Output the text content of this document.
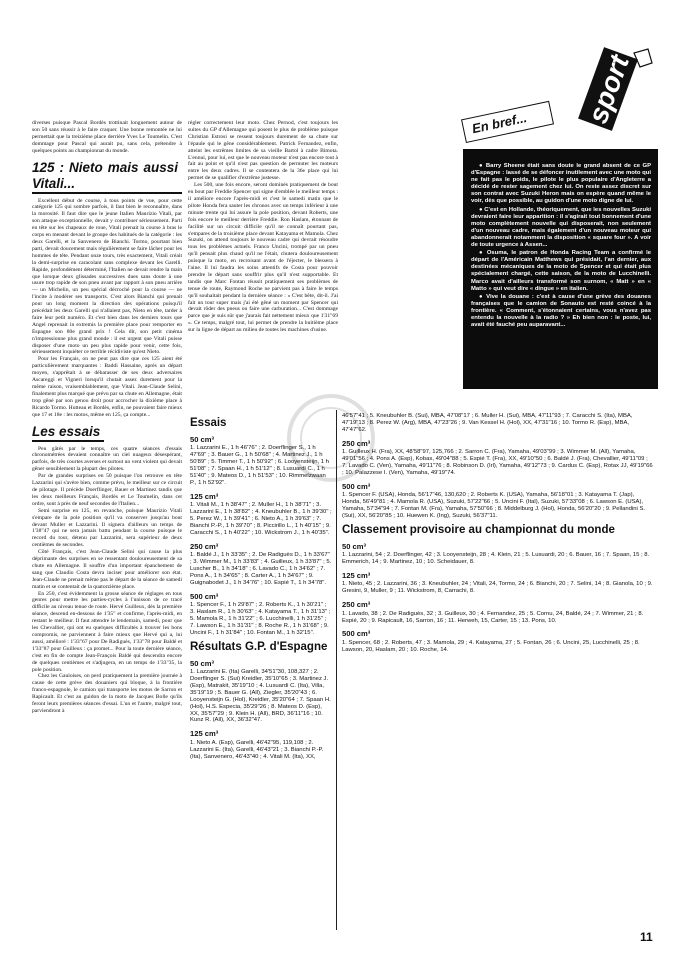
sport

diverses puisque Pascal Bordès trottinait longuement autour de son 50 sans réussir à le faire craquer. Une bonne remontée ne lui permettait que la treizième place derrière Yves Le Toumelin. C'est dommage pour Pascal qui aurait pu, sans cela, prétendre à quelques points au championnat du monde.

125 : Nieto mais aussi Vitali...

Excellent début de course, à tous points de vue, pour cette catégorie 125 qui sombre parfois, il faut bien le reconnaître, dans la morosité. Il faut dire que le jeune Italien Maurizio Vitali, par son attaque exceptionnelle, devait y contribuer sérieusement. Parti en tête sur les chapeaux de roue, Vitali prenait la course à bras le corps en menant devant le groupe des habitués de la catégorie : les deux Garelli, et la Sanvenero de Bianchi. Tormo, pourtant bien parti, devait doucement mais régulièrement se faire lâcher pour les hommes de tête. Pendant onze tours, très exactement, Vitali créait la demi-surprise en caracolant sans complexe devant les Garelli. Rapide, profondément déterminé, l'Italien ne devait rendre la main que lorsque deux glissades successives dues sans doute à une usure trop rapide de son pneu avant par rapport à son pneu arrière — un Michelin, un peu spécial décroché pour la course — ne l'incite à modérer ses transports. C'est alors Bianchi qui prenait pour un long moment la direction des opérations puisqu'il précédait les deux Garelli qui n'allaient pas, Nieto en tête, tarder à faire leur petit numéro. Et c'est bien dans les derniers tours que Angel reprenait in extremis la première place pour remporter en Espagne son 80e grand prix ! Cela dit, son petit cinéma n'impressionne plus grand monde : il est urgent que Vitali puisse disposer d'une moto un peu plus rapide pour venir, cette fois, sérieusement inquiéter ce terrible récidiviste qu'est Nieto.

Pour les Français, on ne peut pas dire que ces 125 aient été particulièrement marquantes : Baddi Hassaine, après un départ moyen, s'apprêtait à se débarasser de ses deux adversaires Ascareggi et Vigneri lorsqu'il chutait assez durement pour la même raison, vraisemblablement, que Vitali. Jean-Claude Selini, finalement plus marqué que prévu par sa chute en Allemagne, était trop gêné par son genou droit pour accrocher la dixième place à Ricardo Tormo. Hutteau et Bordès, enfin, ne pouvaient faire mieux que 17 et 18e : les motos, même en 125, ça compte...

Les essais

Peu gâtés par le temps, ces quatre séances d'essais chronométrées devaient connaître un ciel nuageux désespérant, parfois, de très courtes averses et surtout un vent violent qui devait gêner sensiblement la plupart des pilotes.

Par de grandes surprises en 50 puisque l'on retrouve en tête Lazzarini qui s'avère bien, comme prévu, le meilleur sur ce circuit de pilotage. Il précède Doerflinger, Bauer et Martinez tandis que les deux meilleurs Français, Bordès et Le Toumelin, dans cet ordre, sont à près de neuf secondes de l'Italien...

Semi surprise en 125, en revanche, puisque Maurizio Vitali s'empare de la pole position qu'il va conserver jusqu'au bout devant Muller et Lazzarini. Il signera d'ailleurs un temps de 1'38"47 qui ne sera jamais battu pendant la course puisque le record du tour, détenu par Lazzarini, sera supérieur de deux centièmes de secondes.

Côté Français, c'est Jean-Claude Selini qui cause la plus déprimante des surprises en se ressentant douloureusement de sa chute en Allemagne. Il souffre d'un important épanchement de sang que Claudio Costa devra inciser pour améliorer son état. Jean-Claude ne prenait même pas le départ de la séance de samedi matin et se contentait de la quatorzième place.

En 250, c'est évidemment la grosse séance de réglages en tous genres pour mettre les parties-cycles à l'unisson de ce tracé difficile au niveau tenue de route. Hervé Guilleux, dès la première séance, descend en-dessous de 1'35" et confirme, l'après-midi, en restant le meilleur. Il faut attendre le lendemain, samedi, pour que les Chevallier, qui ont eu quelques difficultés à trouver les bons compromis, ne parviennent à faire mieux que Hervé qui a, lui aussi, amélioré : 1'33"67 pour De Radiguès, 1'33"78 pour Baldé et 1'33"87 pour Guilleux : ça promet... Pour la toute dernière séance, c'est en fin de compte Jean-François Baldé qui descendra encore de quelques centièmes et s'adjugera, en un temps de 1'33"35, la pole position.

Chez les Gauloises, on perd pratiquement la première journée à cause de cette grève des douaniers qui bloque, à la frontière franco-espagnole, le camion qui transporte les motos de Sarron et Rapicault. Et c'est au guidon de la moto de Jacques Bolle qu'ils feront leurs premières séances d'essai. L'un et l'autre, malgré tout, parviendront à

régler correctement leur moto. Chez Pernod, c'est toujours les suites du GP d'Allemagne qui posent le plus de problème puisque Christian Estrosi se ressent toujours durement de sa chute sur l'épaule qui le gêne considérablement. Patrick Fernandez, enfin, atteint les extrêmes limites de sa vieille Bartol à cadre Bimota. L'ennui, pour lui, est que le nouveau moteur n'est pas encore tout à fait au point et qu'il n'est pas question de permuter les moteurs entre les deux cadres. Il se contentera de la 36e place qui lui permet de se qualifier d'extrême justesse.

Les 500, une fois encore, seront dominés pratiquement de bout en bout par Freddie Spencer qui signe d'emblée le meilleur temps : il améliore encore l'après-midi et c'est le samedi matin que le pilote Honda fera sauter les chronos avec un temps inférieur à une minute trente qui lui assure la pole position, devant Roberts, une fois encore le meilleur derrière Freddie. Ron Haslam, étonnant de facilité sur un circuit difficile qu'il ne connaît pourtant pas, s'empares de la troisième place devant Katayama et Mamola. Chez Suzuki, on attend toujours le nouveau cadre qui devrait résoudre tous les problèmes actuels. Franco Uncini, trompé par un pneu qu'il pensait plus chaud qu'il ne l'était, chutera douloureusement puisque la moto, en recroisant avant de l'éjecter, le blessera à l'aine. Il lui faudra les soins attentifs de Costa pour pouvoir prendre le départ sans souffrir plus qu'il n'est supportable. Et tandis que Marc Fontan réussit pratiquement ses problèmes de tenue de route, Raymond Roche ne parvient pas à faire le temps qu'il souhaitait pendant la dernière séance : « C'est bête, dit-il. J'ai fait un tour super mais j'ai été gêné un moment par Spencer qui devait rôder des pneus ou faire une carburation... C'est dommage parce que je suis sûr que j'aurais fait nettement mieux que 1'31"69 ». Ce temps, malgré tout, lui permet de prendre la huitième place sur la ligne de départ au milieu de toutes les machines d'usine.

● Barry Sheene était sans doute le grand absent de ce GP d'Espagne : lassé de se défoncer inutilement avec une moto qui ne fait pas le poids, le pilote le plus populaire d'Angleterre a décidé de rester sagement chez lui. On reste assez discret sur son contrat avec Suzuki Heron mais on espère quand même le voir, dès que possible, au guidon d'une moto digne de lui.

● C'est en Hollande, théoriquement, que les nouvelles Suzuki devraient faire leur apparition : il s'agirait tout bonnement d'une moto complètement nouvelle qui disposerait, non seulement d'un nouveau cadre, mais également d'un nouveau moteur qui abandonnerait notamment la disposition « square four ». A voir de toute urgence à Assen...

● Osuma, le patron de Honda Racing Team a confirmé le départ de l'Américain Matthews qui présidait, l'an dernier, aux destinées mécaniques de la moto de Spencer et qui était plus spécialement chargé, cette saison, de la moto de Lucchinelli. Marco avait d'ailleurs transformé son surnom, « Matt » en « Matto » qui veut dire « dingue » en italien.

● Vive la douane : c'est à cause d'une grève des douanes françaises que le camion de Sonauto est resté coincé à la frontière. « Comment, s'étonnaient certains, vous n'avez pas entendu la nouvelle à la radio ? » Eh bien non : le poste, lui, avait été fauché peu auparavant...

En bref...
Essais
50 cm³

1. Lazzarini E., 1 h 46'76" ; 2. Doerflinger S., 1 h 47'69" ; 3. Bauer G., 1 h 50'68" ; 4. Martinez J., 1 h 50'89" ; 5. Timmer T., 1 h 50'92" ; 6. Looyensteijn, 1 h 51'08" ; 7. Spaan H., 1 h 51'12" ; 8. Lusuardi C., 1 h 51'40" ; 9. Mateos D., 1 h 51'53" ; 10. Rimmelzwaan P., 1 h 52'92".

125 cm³

1. Vitali M., 1 h 38'47" ; 2. Muller H., 1 h 38'71" ; 3. Lazzarini E., 1 h 38'82" ; 4. Kneubuhler B., 1 h 39'30" ; 5. Perez W., 1 h 39'41" ; 6. Nieto A., 1 h 39'63" ; 7. Bianchi P.-P., 1 h 39'70" ; 8. Piccirillo L., 1 h 40'15" ; 9. Caracchi S., 1 h 40'22" ; 10. Wickstrom J., 1 h 40'35".

250 cm³

1. Baldé J., 1 h 33'35" ; 2. De Radiguès D., 1 h 33'67" ; 3. Wimmer M., 1 h 33'83" ; 4. Guilleux, 1 h 33'87" ; 5. Luscher B., 1 h 34'18" ; 6. Lavado C., 1 h 34'62" ; 7. Pons A., 1 h 34'65" ; 8. Carter A., 1 h 34'67" ; 9. Guignabodet J., 1 h 34'76" ; 10. Espié T., 1 h 34'78".

500 cm³

1. Spencer F., 1 h 29'87" ; 2. Roberts K., 1 h 30'21" ; 3. Haslam R., 1 h 30'63" ; 4. Katayama T., 1 h 31'13" ; 5. Mamola R., 1 h 31'22" ; 6. Lucchinelli, 1 h 31'25" ; 7. Lawson E., 1 h 31'31" ; 8. Roche R., 1 h 31'68" ; 9. Uncini F., 1 h 31'84" ; 10. Fontan M., 1 h 32'15".

Résultats G.P. d'Espagne
50 cm³

1. Lazzarini E. (Ita) Garelli, 34'51"30, 108,327 ; 2. Doerflinger S. (Sui) Kreidler, 35'10"65 ; 3. Martinez J. (Esp), Matrakit, 35'19"10 ; 4. Lusuardi C. (Ita), Villa, 35'19"19 ; 5. Bauer G. (All), Ziegler, 35'20"43 ; 6. Looyensteijn G. (Hol), Kreidler, 35'20"64 ; 7. Spaan H. (Hol), H.S. Especia, 35'29"26 ; 8. Mateos D. (Esp), XX, 35'57"29 ; 9. Klein H. (All), BRD, 36'11"16 ; 10. Kunz R. (All), XX, 36'32"47.

125 cm³

1. Nieto A. (Esp), Garelli, 46'42"95, 119,108 ; 2. Lazzarini E. (Ita), Garelli, 46'43"21 ; 3. Bianchi P.-P. (Ita), Sanvenero, 46'43"40 ; 4. Vitali M. (Ita), XX,

46'57"41 ; 5. Kneubuhler B. (Sui), MBA, 47'08"17 ; 6. Muller H. (Sui), MBA, 47'11"93 ; 7. Caracchi S. (Ita), MBA, 47'19"13 ; 8. Perez W. (Arg), MBA, 47'23"26 ; 9. Van Kessel H. (Hol), XX, 47'31"16 ; 10. Tormo R. (Esp), MBA, 47'47"62.

250 cm³

1. Guilleux H. (Fra), XX, 48'58"97, 125,766 ; 2. Sarron C. (Fra), Yamaha, 49'03"99 ; 3. Wimmer M. (All), Yamaha, 49'01"56 ; 4. Pons A. (Esp), Kobas, 49'04"88 ; 5. Espié T. (Fra), XX, 49'10"50 ; 6. Baldé J. (Fra), Chevallier, 49'11"09 ; 7. Lavado C. (Ven), Yamaha, 49'11"76 ; 8. Robinson D. (Irl), Yamaha, 49'12"73 ; 9. Cardus C. (Esp), Rotax JJ, 49'19"66 ; 10. Palazzese I. (Ven), Yamaha, 49'19"74.

500 cm³

1. Spencer F. (USA), Honda, 56'17"46, 130,620 ; 2. Roberts K. (USA), Yamaha, 56'18"01 ; 3. Katayama T. (Jap), Honda, 56'49"81 ; 4. Mamola R. (USA), Suzuki, 57'22"66 ; 5. Uncini F. (Ital), Suzuki, 57'33"08 ; 6. Lawson E. (USA), Yamaha, 57'34"94 ; 7. Fontan M. (Fra), Yamaha, 57'50"66 ; 8. Middelburg J. (Hol), Honda, 56'20"20 ; 9. Pellandini S. (Sui), XX, 56'20"85 ; 10. Huewen K. (Ing), Suzuki, 56'37"11.

Classement provisoire au championnat du monde
50 cm³

1. Lazzarini, 54 ; 2. Doerflinger, 42 ; 3. Looyensteijn, 28 ; 4. Klein, 21 ; 5. Lusuardi, 20 ; 6. Bauer, 16 ; 7. Spaan, 15 ; 8. Emmerich, 14 ; 9. Martinez, 10 ; 10. Scheidauer, 8.

125 cm³

1. Nieto, 45 ; 2. Lazzarini, 36 ; 3. Kneubuhler, 24 ; Vitali, 24, Tormo, 24 ; 6. Bianchi, 20 ; 7. Selini, 14 ; 8. Gianola, 10 ; 9. Gresini, 9, Muller, 9 ; 11. Wickstrom, 8, Carrachi, 8.

250 cm³

1. Lavado, 38 ; 2. De Radiguès, 32 ; 3. Guilleux, 30 ; 4. Fernandez, 25 ; 5. Cornu, 24, Baldé, 24 ; 7. Wimmer, 21 ; 8. Espié, 20 ; 9. Rapicault, 16, Sarron, 16 ; 11. Herweh, 15, Carter, 15 ; 13. Pons, 10.

500 cm³

1. Spencer, 68 ; 2. Roberts, 47 ; 3. Mamola, 29 ; 4. Katayama, 27 ; 5. Fontan, 26 ; 6. Uncini, 25, Lucchinelli, 25 ; 8. Lawson, 20, Haslam, 20 ; 10. Roche, 14.

11
